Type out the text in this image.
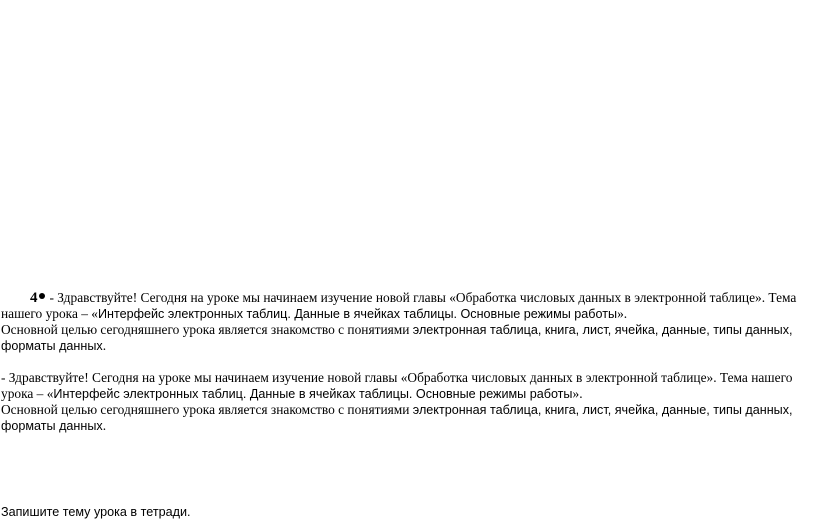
4 - Здравствуйте! Сегодня на уроке мы начинаем изучение новой главы «Обработка числовых данных в электронной таблице». Тема
нашего урока – «Интерфейс электронных таблиц. Данные в ячейках таблицы. Основные режимы работы».
Основной целью сегодняшнего урока является знакомство с понятиями электронная таблица, книга, лист, ячейка, данные, типы данных,
форматы данных.
- Здравствуйте! Сегодня на уроке мы начинаем изучение новой главы «Обработка числовых данных в электронной таблице». Тема нашего
урока – «Интерфейс электронных таблиц. Данные в ячейках таблицы. Основные режимы работы».
Основной целью сегодняшнего урока является знакомство с понятиями электронная таблица, книга, лист, ячейка, данные, типы данных,
форматы данных.
Запишите тему урока в тетради.
